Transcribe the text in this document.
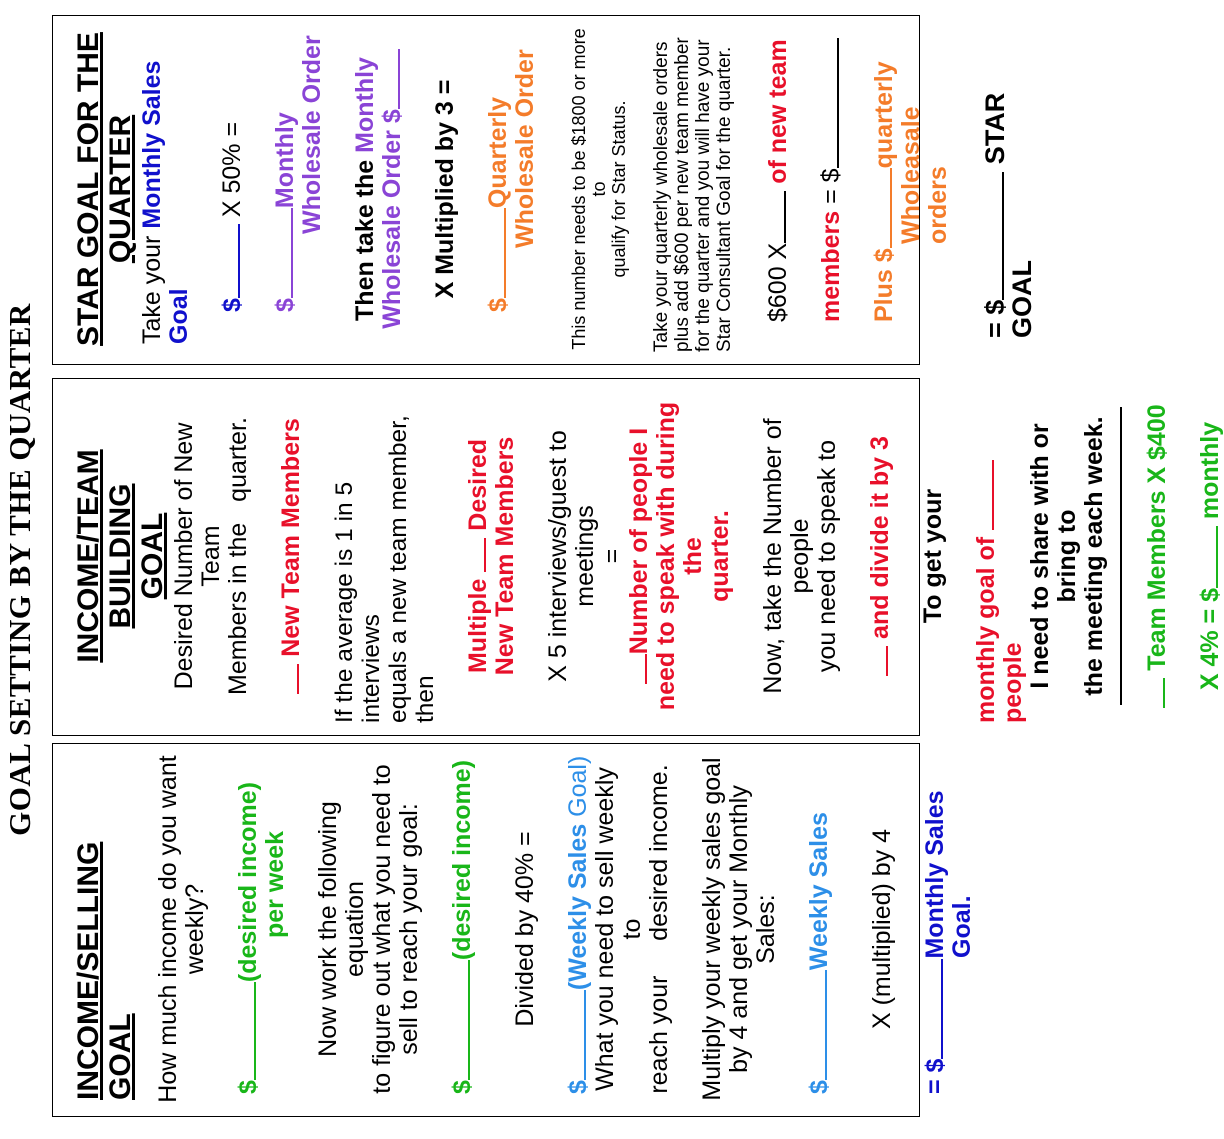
GOAL SETTING BY THE QUARTER

INCOME/SELLING GOAL How much income do you want weekly?

$(desired income) per week Now work the following equation to figure out what you need to sell to reach your goal:

$(desired income) Divided by 40% =

$(Weekly Sales Goal) What you need to sell weekly to reach your     desired income. Multiply your weekly sales goal by 4 and get your Monthly Sales:

$Weekly Sales X (multiplied) by 4

= $Monthly Sales Goal.

INCOME/TEAM BUILDING GOAL Desired Number of New Team Members in the   quarter. New Team Members If the average is 1 in 5 interviews equals a new team member, then

Multiple  Desired New Team Members X 5 interviews/guest to meetings = Number of people I need to speak with during the quarter. Now, take the Number of people you need to speak to and divide it by 3 To get your monthly goal of people I need to share with or bring to the meeting each week. Team Members X $400 X 4% = $ monthly

STAR GOAL FOR THE QUARTER

Take your Monthly Sales Goal $ X 50% =

$Monthly Wholesale Order

Then take the Monthly

Wholesale Order $ X Multiplied by 3 =

$Quarterly Wholesale Order This number needs to be $1800 or more to qualify for Star Status. Take your quarterly wholesale orders plus add $600 per new team member for the quarter and you will have your Star Consultant Goal for the quarter. $600 X of new team

members = $

Plus $quarterly Wholeasale orders

= $ STAR GOAL
